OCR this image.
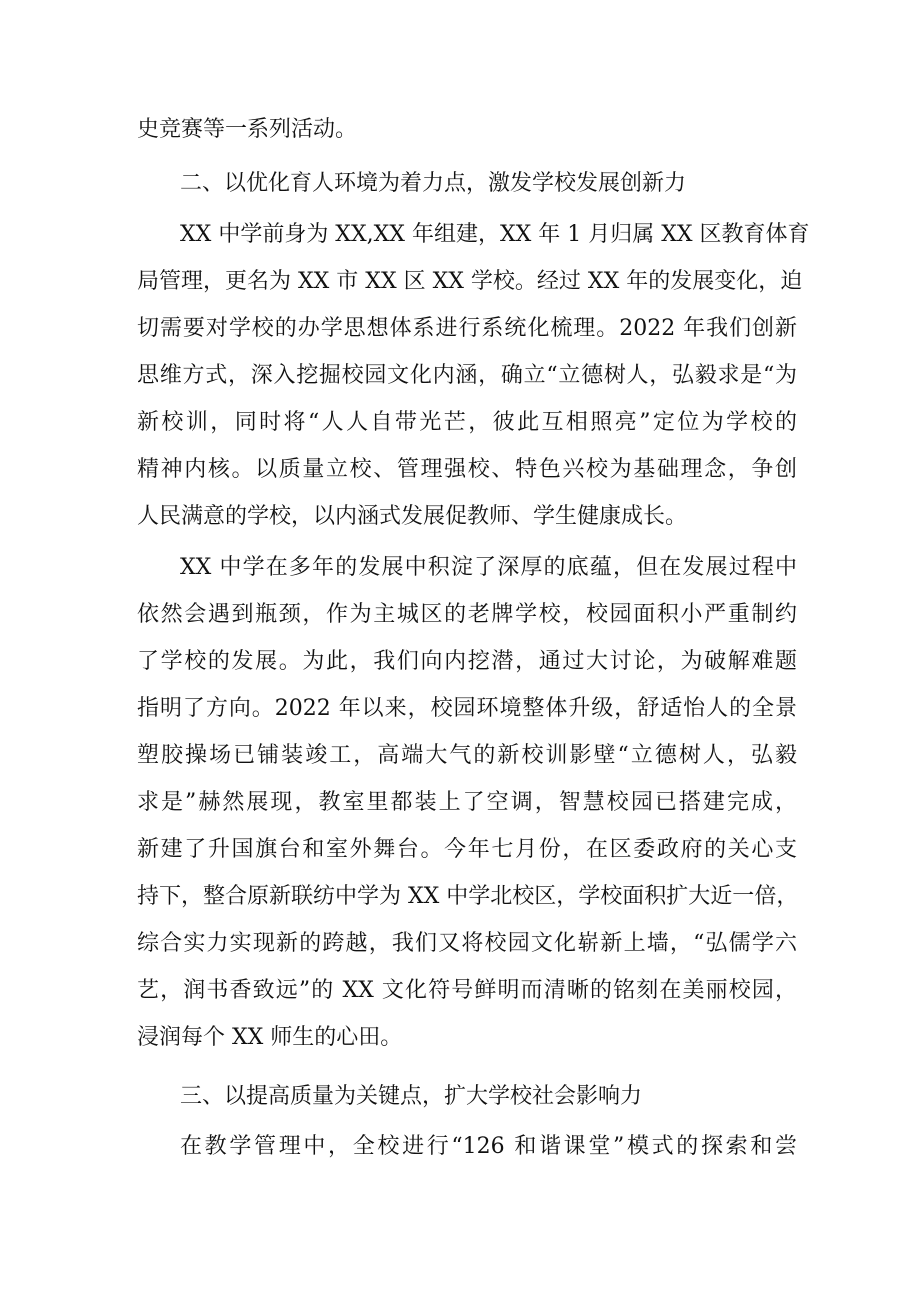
史竞赛等一系列活动。
二、以优化育人环境为着力点，激发学校发展创新力
XX 中学前身为 XX,XX 年组建，XX 年 1 月归属 XX 区教育体育
局管理，更名为 XX 市 XX 区 XX 学校。经过 XX 年的发展变化，迫
切需要对学校的办学思想体系进行系统化梳理。2022 年我们创新
思维方式，深入挖掘校园文化内涵，确立“立德树人，弘毅求是“为
新校训，同时将“人人自带光芒，彼此互相照亮”定位为学校的
精神内核。以质量立校、管理强校、特色兴校为基础理念，争创
人民满意的学校，以内涵式发展促教师、学生健康成长。
XX 中学在多年的发展中积淀了深厚的底蕴，但在发展过程中
依然会遇到瓶颈，作为主城区的老牌学校，校园面积小严重制约
了学校的发展。为此，我们向内挖潜，通过大讨论，为破解难题
指明了方向。2022 年以来，校园环境整体升级，舒适怡人的全景
塑胶操场已铺装竣工，高端大气的新校训影壁“立德树人，弘毅
求是”赫然展现，教室里都装上了空调，智慧校园已搭建完成，
新建了升国旗台和室外舞台。今年七月份，在区委政府的关心支
持下，整合原新联纺中学为 XX 中学北校区，学校面积扩大近一倍，
综合实力实现新的跨越，我们又将校园文化崭新上墙，“弘儒学六
艺，润书香致远”的 XX 文化符号鲜明而清晰的铭刻在美丽校园，
浸润每个 XX 师生的心田。
三、以提高质量为关键点，扩大学校社会影响力
在教学管理中，全校进行“126 和谐课堂”模式的探索和尝
